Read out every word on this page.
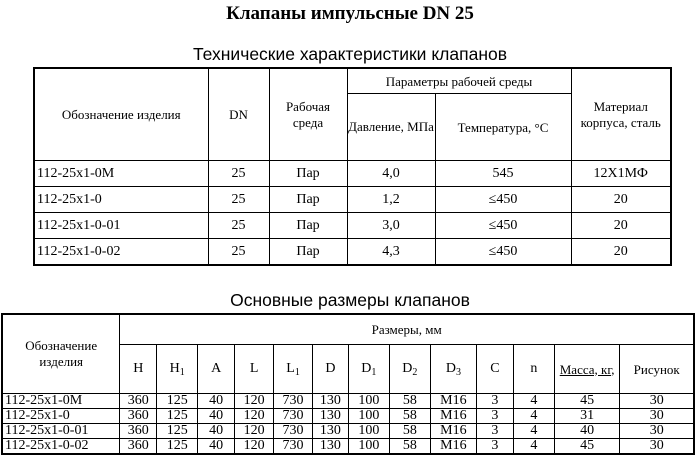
Клапаны импульсные DN 25
Технические характеристики клапанов
Обозначение изделия	DN	Рабочая среда	Параметры рабочей среды		Материал корпуса, сталь
			Давление, МПа	Температура, °С	
112-25х1-0М	25	Пар	4,0	545	12Х1МФ
112-25х1-0	25	Пар	1,2	≤450	20
112-25х1-0-01	25	Пар	3,0	≤450	20
112-25х1-0-02	25	Пар	4,3	≤450	20
Основные размеры клапанов
Обозначение изделия	Размеры, мм												
	H	$H_1$	A	L	$L_1$	D	$D_1$	$D_2$	$D_3$	C	n	Масса, кг,	Рисунок
112-25х1-0М	360	125	40	120	730	130	100	58	M16	3	4	45	30
112-25х1-0	360	125	40	120	730	130	100	58	M16	3	4	31	30
112-25х1-0-01	360	125	40	120	730	130	100	58	M16	3	4	40	30
112-25х1-0-02	360	125	40	120	730	130	100	58	M16	3	4	45	30
